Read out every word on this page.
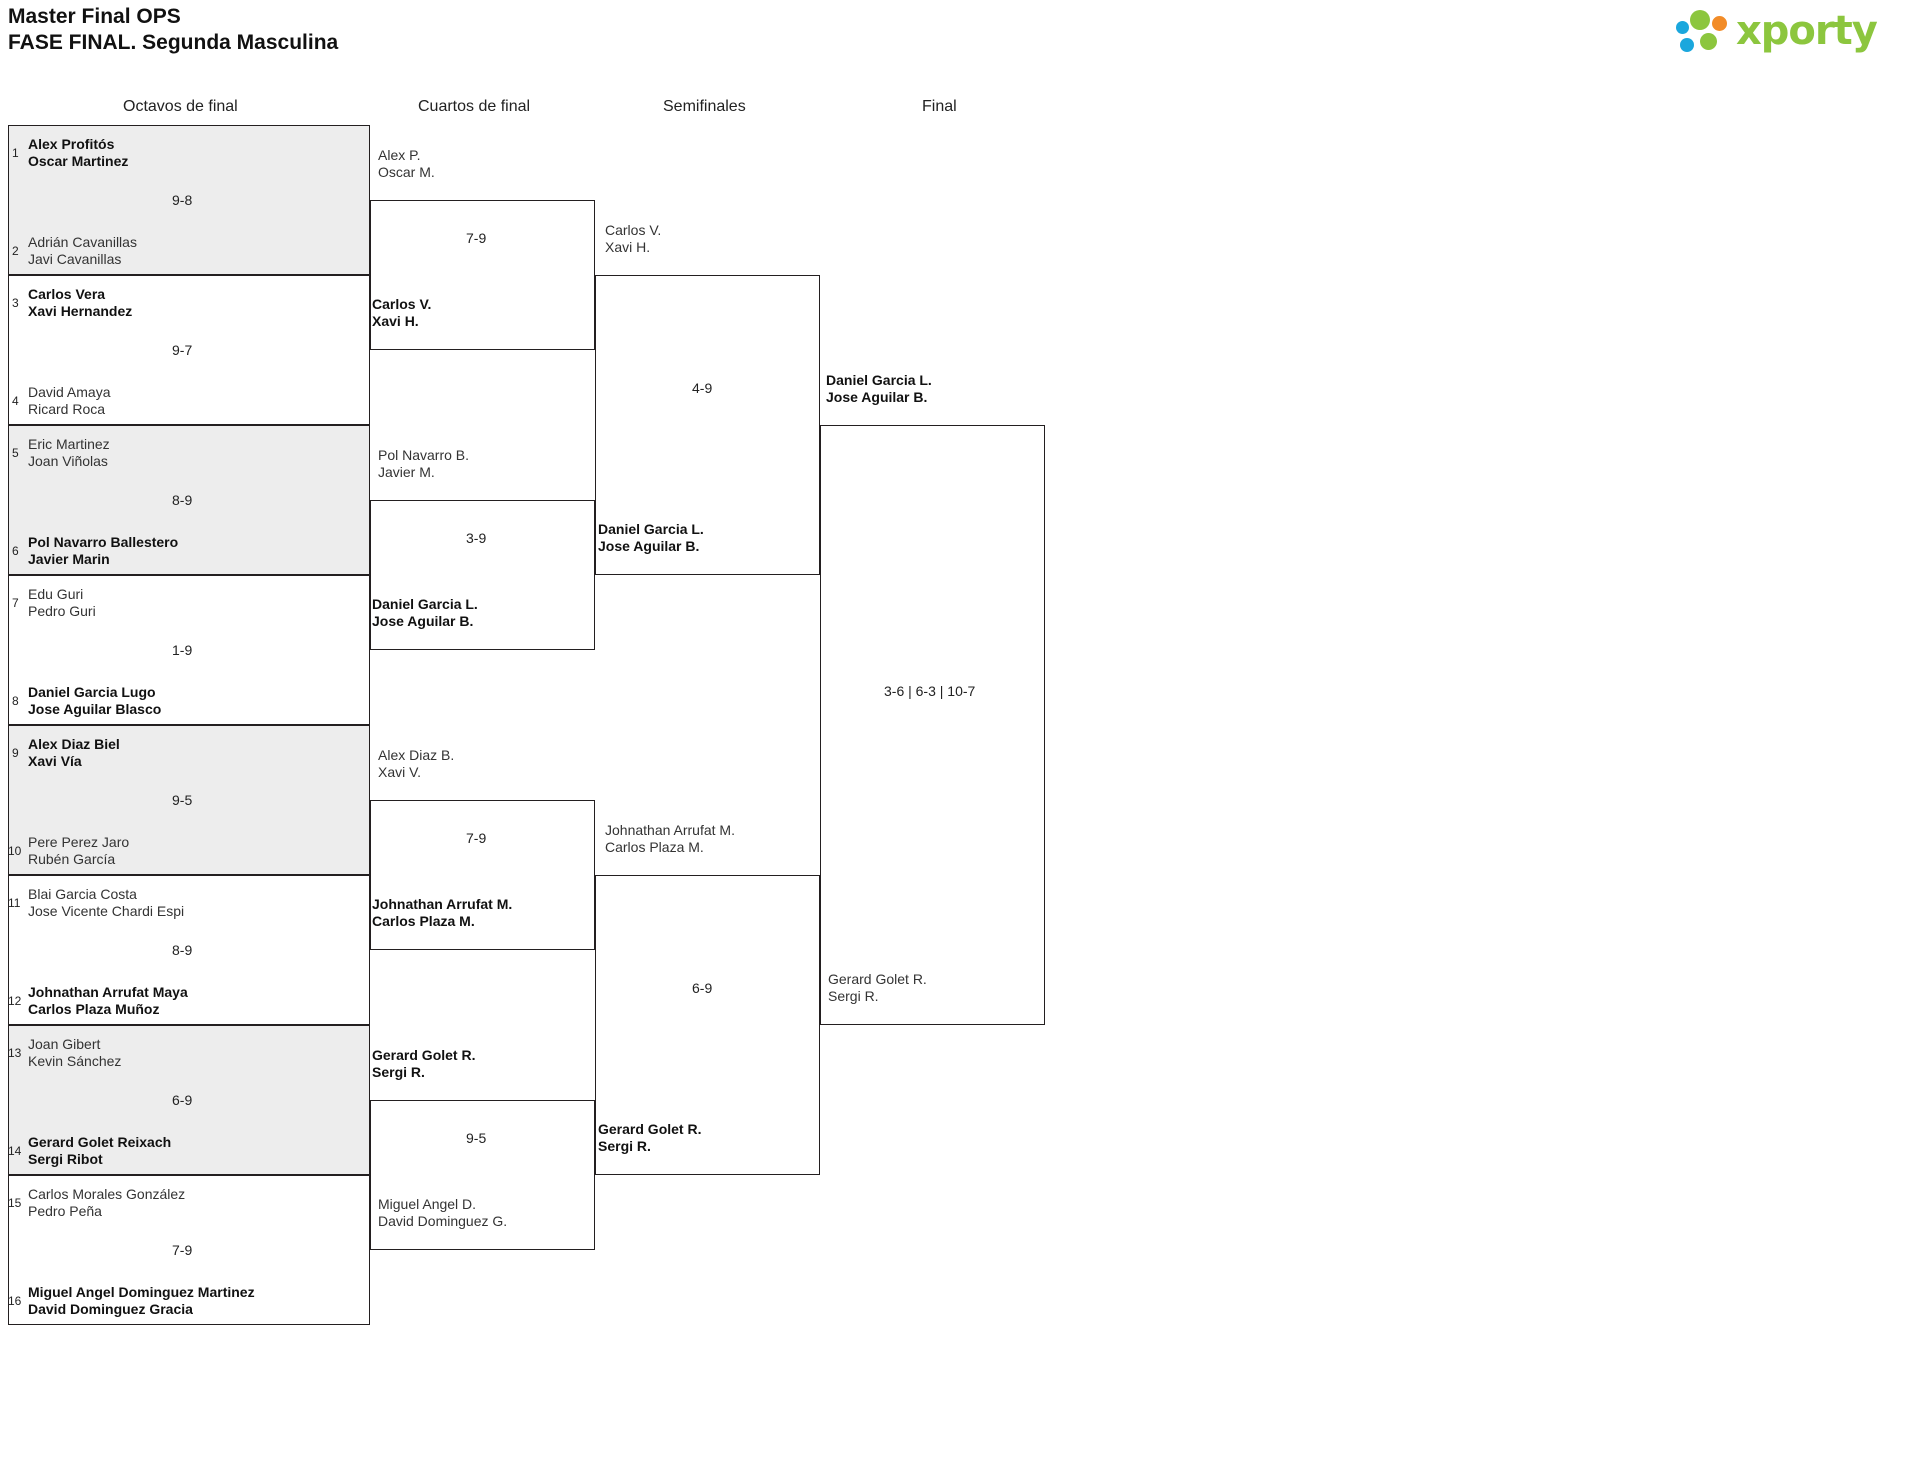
Master Final OPS
FASE FINAL. Segunda Masculina	xporty
Octavos de final	Cuartos de final	Semifinales	Final
1
Alex Profitós
Oscar Martinez
9-8
2
Adrián Cavanillas
Javi Cavanillas
3
Carlos Vera
Xavi Hernandez
9-7
4
David Amaya
Ricard Roca
5
Eric Martinez
Joan Viñolas
8-9
6
Pol Navarro Ballestero
Javier Marin
7
Edu Guri
Pedro Guri
1-9
8
Daniel Garcia Lugo
Jose Aguilar Blasco
9
Alex Diaz Biel
Xavi Vía
9-5
10
Pere Perez Jaro
Rubén García
11
Blai Garcia Costa
Jose Vicente Chardi Espi
8-9
12
Johnathan Arrufat Maya
Carlos Plaza Muñoz
13
Joan Gibert
Kevin Sánchez
6-9
14
Gerard Golet Reixach
Sergi Ribot
15
Carlos Morales González
Pedro Peña
7-9
16
Miguel Angel Dominguez Martinez
David Dominguez Gracia
Alex P.
Oscar M.
7-9
Carlos V.
Xavi H.
Pol Navarro B.
Javier M.
3-9
Daniel Garcia L.
Jose Aguilar B.
Alex Diaz B.
Xavi V.
7-9
Johnathan Arrufat M.
Carlos Plaza M.
Gerard Golet R.
Sergi R.
9-5
Miguel Angel D.
David Dominguez G.
Carlos V.
Xavi H.
4-9
Daniel Garcia L.
Jose Aguilar B.
Johnathan Arrufat M.
Carlos Plaza M.
6-9
Gerard Golet R.
Sergi R.
Daniel Garcia L.
Jose Aguilar B.
3-6 | 6-3 | 10-7
Gerard Golet R.
Sergi R.
